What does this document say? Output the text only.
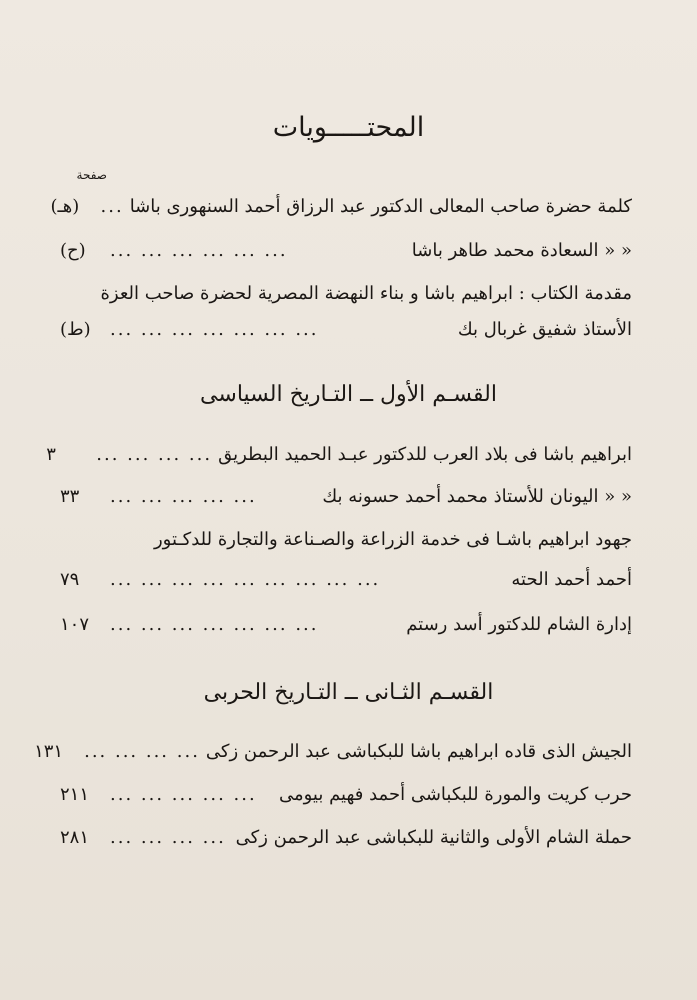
المحتـــــويات
صفحة
كلمة حضرة صاحب المعالى الدكتور عبد الرزاق أحمد السنهورى باشا
...
(هـ)
« « السعادة محمد طاهر باشا
... ... ... ... ... ...
(ح)
مقدمة الكتاب : ابراهيم باشا و بناء النهضة المصرية لحضرة صاحب العزة
الأستاذ شفيق غربال بك
... ... ... ... ... ... ...
(ط)
القسـم الأول ــ التـاريخ السياسى
ابراهيم باشا فى بلاد العرب للدكتور عبـد الحميد البطريق
... ... ... ...
٣
« « اليونان للأستاذ محمد أحمد حسونه بك
... ... ... ... ...
٣٣
جهود ابراهيم باشـا فى خدمة الزراعة والصـناعة والتجارة للدكـتور
أحمد أحمد الحته
... ... ... ... ... ... ... ... ...
٧٩
إدارة الشام للدكتور أسد رستم
... ... ... ... ... ... ...
١٠٧
القسـم الثـانى ــ التـاريخ الحربى
الجيش الذى قاده ابراهيم باشا للبكباشى عبد الرحمن زكى
... ... ... ...
١٣١
حرب كريت والمورة للبكباشى أحمد فهيم بيومى
... ... ... ... ...
٢١١
حملة الشام الأولى والثانية للبكباشى عبد الرحمن زكى
... ... ... ...
٢٨١
